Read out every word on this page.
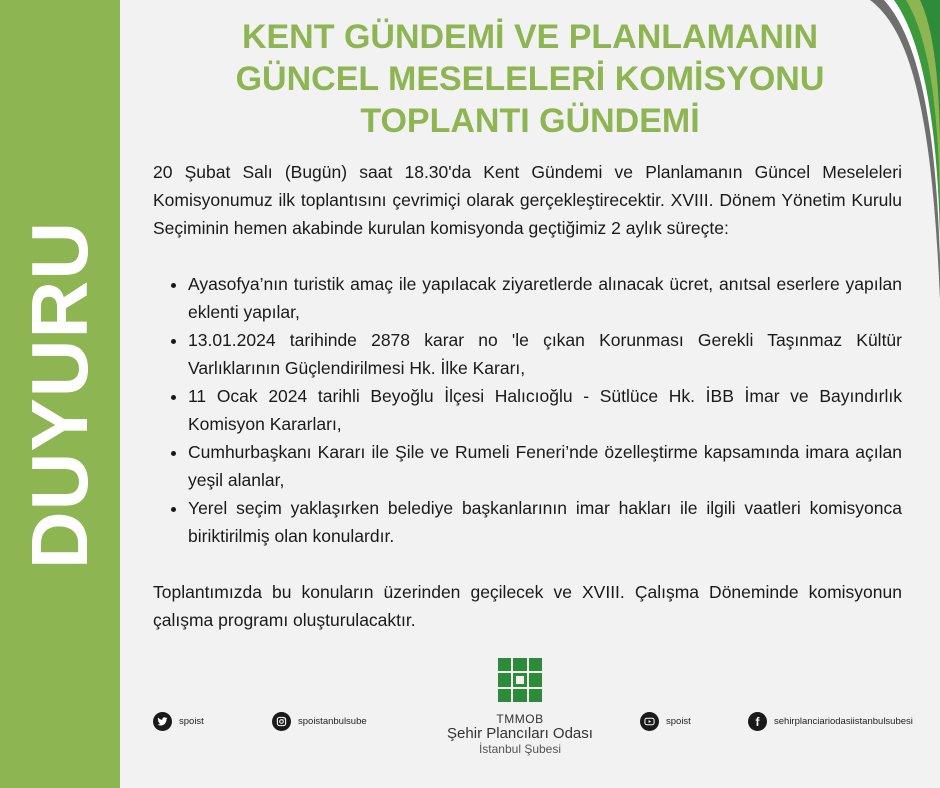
DUYURU
KENT GÜNDEMİ VE PLANLAMANIN
GÜNCEL MESELELERİ KOMİSYONU
TOPLANTI GÜNDEMİ

20 Şubat Salı (Bugün) saat 18.30'da Kent Gündemi ve Planlamanın Güncel Meseleleri Komisyonumuz ilk toplantısını çevrimiçi olarak gerçekleştirecektir. XVIII. Dönem Yönetim Kurulu Seçiminin hemen akabinde kurulan komisyonda geçtiğimiz 2 aylık süreçte:

• Ayasofya’nın turistik amaç ile yapılacak ziyaretlerde alınacak ücret, anıtsal eserlere yapılan eklenti yapılar,
• 13.01.2024 tarihinde 2878 karar no 'le çıkan Korunması Gerekli Taşınmaz Kültür Varlıklarının Güçlendirilmesi Hk. İlke Kararı,
• 11 Ocak 2024 tarihli Beyoğlu İlçesi Halıcıoğlu - Sütlüce Hk. İBB İmar ve Bayındırlık Komisyon Kararları,
• Cumhurbaşkanı Kararı ile Şile ve Rumeli Feneri’nde özelleştirme kapsamında imara açılan yeşil alanlar,
• Yerel seçim yaklaşırken belediye başkanlarının imar hakları ile ilgili vaatleri komisyonca biriktirilmiş olan konulardır.

Toplantımızda bu konuların üzerinden geçilecek ve XVIII. Çalışma Döneminde komisyonun çalışma programı oluşturulacaktır.

spoist	spoistanbulsube	spoist	f	sehirplanciariodasiistanbulsubesi
TMMOB
Şehir Plancıları Odası
İstanbul Şubesi
